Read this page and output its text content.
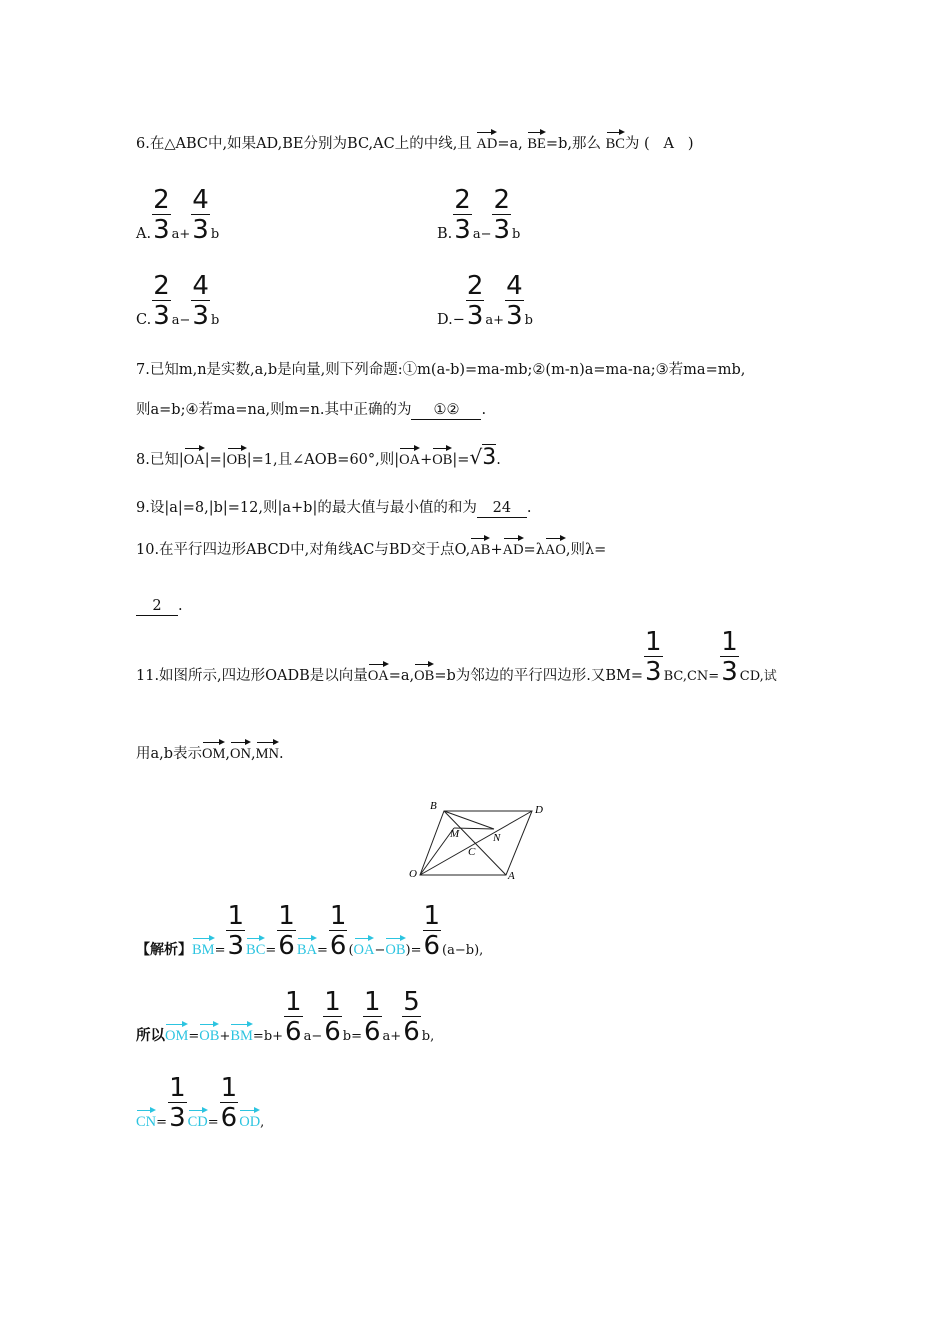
6.在△ABC中,如果AD,BE分别为BC,AC上的中线,且 AD=a, BE=b,那么 BC为 ( A )
A. $\frac{2}{3} a+ \frac{4}{3}$ b	B. $\frac{2}{3} a- \frac{2}{3}$ b
C. $\frac{2}{3} a- \frac{4}{3}$ b	$D.- \frac{2}{3} a+ \frac{4}{3}$ b
7.已知m,n是实数,a,b是向量,则下列命题:①m(a-b)=ma-mb;②(m-n)a=ma-na;③若ma=mb,
则a=b;④若ma=na,则m=n.其中正确的为 ①② .
8.已知|OA|=|OB|=1,且∠AOB=60°,则|OA+OB|=√3.
9.设|a|=8,|b|=12,则|a+b|的最大值与最小值的和为 24 .
10.在平行四边形ABCD中,对角线AC与BD交于点O,AB+AD=λAO,则λ=
2 .
11.如图所示,四边形OADB是以向量OA=a,OB=b为邻边的平行四边形.又$BM= \frac{1}{3} BC,CN= \frac{1}{3}$ CD,试
用a,b表示OM,ON,MN.
B	D
M	N
C
O	A
【解析】$BM= \frac{1}{3} BC= \frac{1}{6} BA= \frac{1}{6} (OA-OB)= \frac{1}{6} (a-b)$,
所以$OM=OB+BM=b+ \frac{1}{6} a- \frac{1}{6} b= \frac{1}{6} a+ \frac{5}{6} b$,
$CN= \frac{1}{3} CD= \frac{1}{6}$ OD,
